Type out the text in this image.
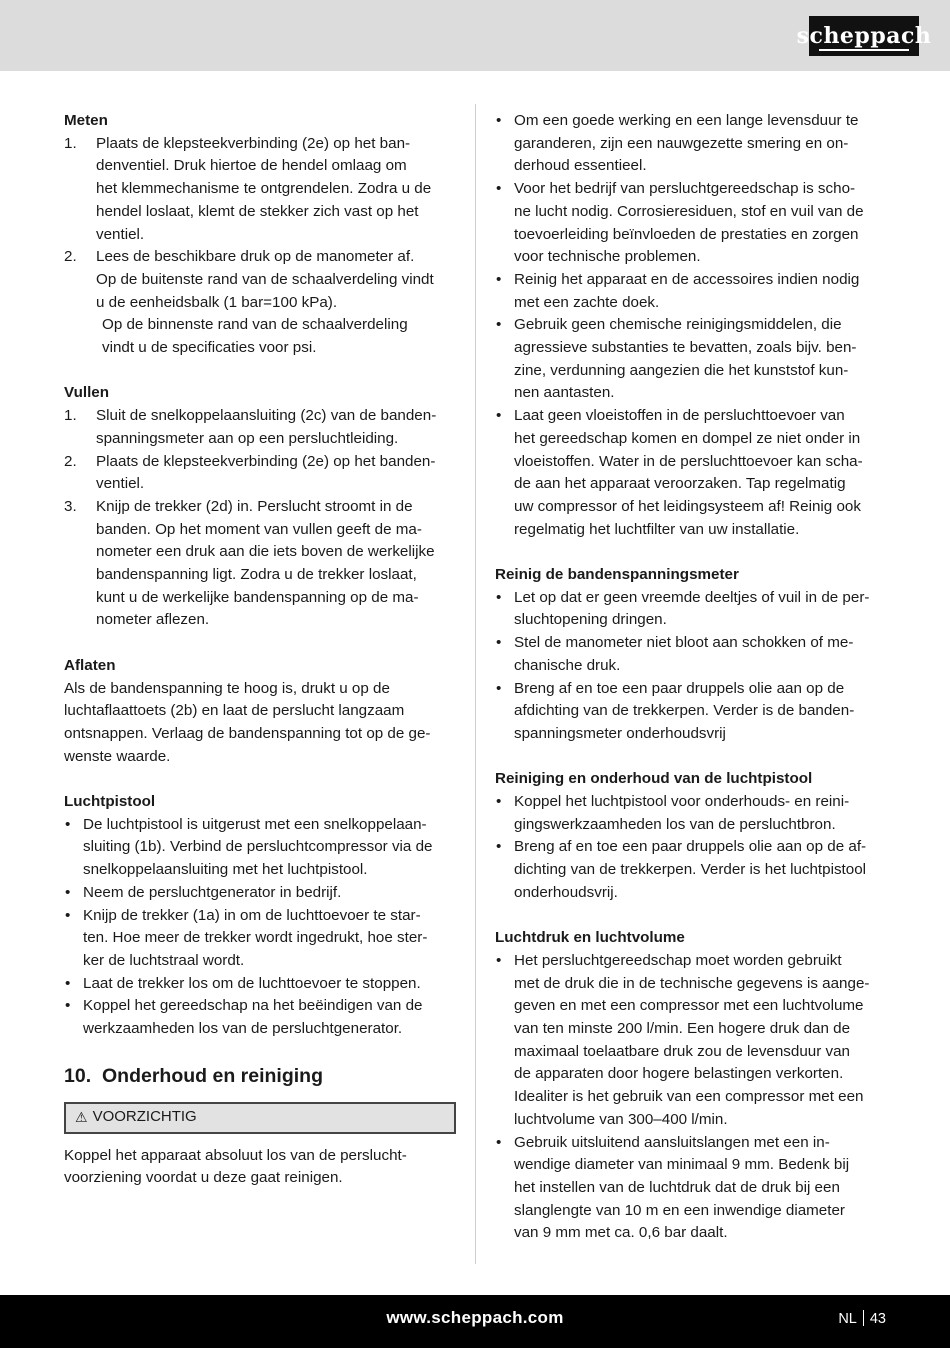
scheppach
Meten
1.	Plaats de klepsteekverbinding (2e) op het ban-
denventiel. Druk hiertoe de hendel omlaag om
het klemmechanisme te ontgrendelen. Zodra u de
hendel loslaat, klemt de stekker zich vast op het
ventiel.
2.	Lees de beschikbare druk op de manometer af.
Op de buitenste rand van de schaalverdeling vindt
u de eenheidsbalk (1 bar=100 kPa).
Op de binnenste rand van de schaalverdeling
vindt u de specificaties voor psi.
Vullen
1.	Sluit de snelkoppelaansluiting (2c) van de banden-
spanningsmeter aan op een persluchtleiding.
2.	Plaats de klepsteekverbinding (2e) op het banden-
ventiel.
3.	Knijp de trekker (2d) in. Perslucht stroomt in de
banden. Op het moment van vullen geeft de ma-
nometer een druk aan die iets boven de werkelijke
bandenspanning ligt. Zodra u de trekker loslaat,
kunt u de werkelijke bandenspanning op de ma-
nometer aflezen.
Aflaten
Als de bandenspanning te hoog is, drukt u op de
luchtaflaattoets (2b) en laat de perslucht langzaam
ontsnappen. Verlaag de bandenspanning tot op de ge-
wenste waarde.
Luchtpistool
• De luchtpistool is uitgerust met een snelkoppelaan-
sluiting (1b). Verbind de persluchtcompressor via de
snelkoppelaansluiting met het luchtpistool.
• Neem de persluchtgenerator in bedrijf.
• Knijp de trekker (1a) in om de luchttoevoer te star-
ten. Hoe meer de trekker wordt ingedrukt, hoe ster-
ker de luchtstraal wordt.
• Laat de trekker los om de luchttoevoer te stoppen.
• Koppel het gereedschap na het beëindigen van de
werkzaamheden los van de persluchtgenerator.
10. Onderhoud en reiniging
⚠ VOORZICHTIG
Koppel het apparaat absoluut los van de perslucht-
voorziening voordat u deze gaat reinigen.
• Om een goede werking en een lange levensduur te
garanderen, zijn een nauwgezette smering en on-
derhoud essentieel.
• Voor het bedrijf van persluchtgereedschap is scho-
ne lucht nodig. Corrosieresiduen, stof en vuil van de
toevoerleiding beïnvloeden de prestaties en zorgen
voor technische problemen.
• Reinig het apparaat en de accessoires indien nodig
met een zachte doek.
• Gebruik geen chemische reinigingsmiddelen, die
agressieve substanties te bevatten, zoals bijv. ben-
zine, verdunning aangezien die het kunststof kun-
nen aantasten.
• Laat geen vloeistoffen in de persluchttoevoer van
het gereedschap komen en dompel ze niet onder in
vloeistoffen. Water in de persluchttoevoer kan scha-
de aan het apparaat veroorzaken. Tap regelmatig
uw compressor of het leidingsysteem af! Reinig ook
regelmatig het luchtfilter van uw installatie.
Reinig de bandenspanningsmeter
• Let op dat er geen vreemde deeltjes of vuil in de per-
sluchtopening dringen.
• Stel de manometer niet bloot aan schokken of me-
chanische druk.
• Breng af en toe een paar druppels olie aan op de
afdichting van de trekkerpen. Verder is de banden-
spanningsmeter onderhoudsvrij
Reiniging en onderhoud van de luchtpistool
• Koppel het luchtpistool voor onderhouds- en reini-
gingswerkzaamheden los van de persluchtbron.
• Breng af en toe een paar druppels olie aan op de af-
dichting van de trekkerpen. Verder is het luchtpistool
onderhoudsvrij.
Luchtdruk en luchtvolume
• Het persluchtgereedschap moet worden gebruikt
met de druk die in de technische gegevens is aange-
geven en met een compressor met een luchtvolume
van ten minste 200 l/min. Een hogere druk dan de
maximaal toelaatbare druk zou de levensduur van
de apparaten door hogere belastingen verkorten.
Idealiter is het gebruik van een compressor met een
luchtvolume van 300–400 l/min.
• Gebruik uitsluitend aansluitslangen met een in-
wendige diameter van minimaal 9 mm. Bedenk bij
het instellen van de luchtdruk dat de druk bij een
slanglengte van 10 m en een inwendige diameter
van 9 mm met ca. 0,6 bar daalt.
www.scheppach.com	NL 43
